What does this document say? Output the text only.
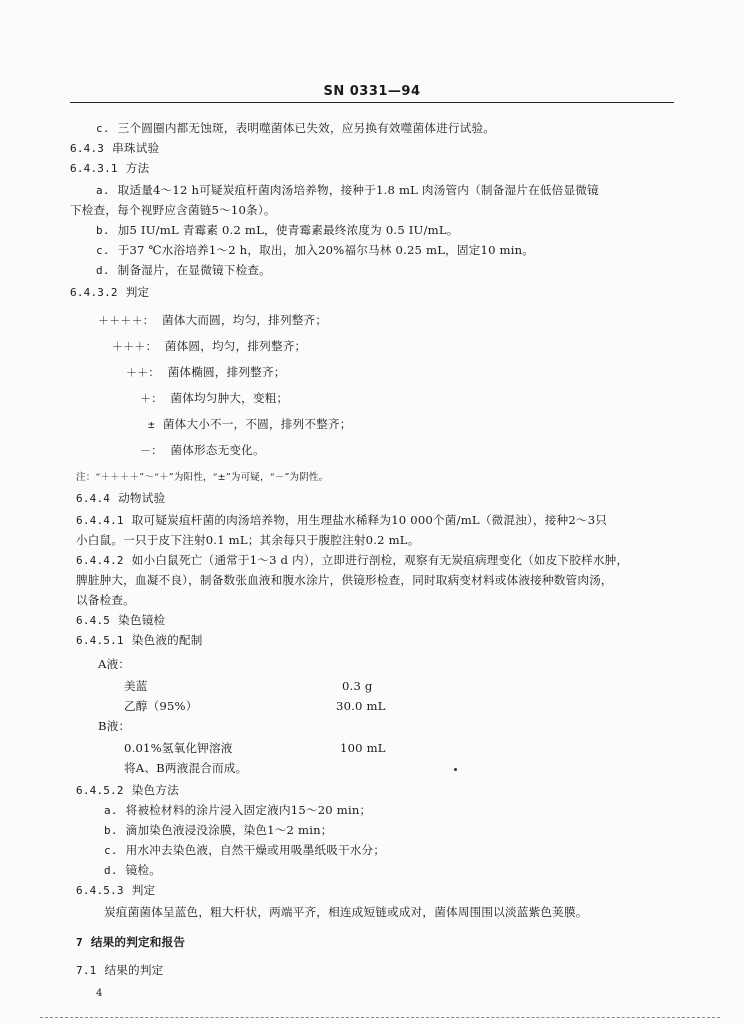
SN 0331—94
c. 三个圆圈内都无蚀斑，表明噬菌体已失效，应另换有效噬菌体进行试验。
6.4.3 串珠试验
6.4.3.1 方法
a. 取适量4～12 h可疑炭疽杆菌肉汤培养物，接种于1.8 mL 肉汤管内（制备湿片在低倍显微镜
下检查，每个视野应含菌链5～10条）。
b. 加5 IU/mL 青霉素 0.2 mL，使青霉素最终浓度为 0.5 IU/mL。
c. 于37 ℃水浴培养1～2 h，取出，加入20%福尔马林 0.25 mL，固定10 min。
d. 制备湿片，在显微镜下检查。
6.4.3.2 判定
＋＋＋＋： 菌体大而圆，均匀，排列整齐；
＋＋＋： 菌体圆，均匀，排列整齐；
＋＋： 菌体椭圆，排列整齐；
＋： 菌体均匀肿大，变粗；
± 菌体大小不一，不圆，排列不整齐；
－： 菌体形态无变化。
注：“＋＋＋＋”～“＋”为阳性，“±”为可疑，“－”为阴性。
6.4.4 动物试验
6.4.4.1 取可疑炭疽杆菌的肉汤培养物，用生理盐水稀释为10 000个菌/mL（微混浊），接种2～3只
小白鼠。一只于皮下注射0.1 mL；其余每只于腹腔注射0.2 mL。
6.4.4.2 如小白鼠死亡（通常于1～3 d 内），立即进行剖检，观察有无炭疽病理变化（如皮下胶样水肿，
脾脏肿大，血凝不良），制备数张血液和腹水涂片，供镜形检查，同时取病变材料或体液接种数管肉汤，
以备检查。
6.4.5 染色镜检
6.4.5.1 染色液的配制
A液：
美蓝	0.3 g
乙醇（95%）	30.0 mL
B液：
0.01%氢氧化钾溶液	100 mL
将A、B两液混合而成。
6.4.5.2 染色方法
a. 将被检材料的涂片浸入固定液内15～20 min；
b. 滴加染色液浸没涂膜，染色1～2 min；
c. 用水冲去染色液，自然干燥或用吸墨纸吸干水分；
d. 镜检。
6.4.5.3 判定
炭疽菌菌体呈蓝色，粗大杆状，两端平齐，相连成短链或成对，菌体周围围以淡蓝紫色荚膜。
7 结果的判定和报告
7.1 结果的判定
4
